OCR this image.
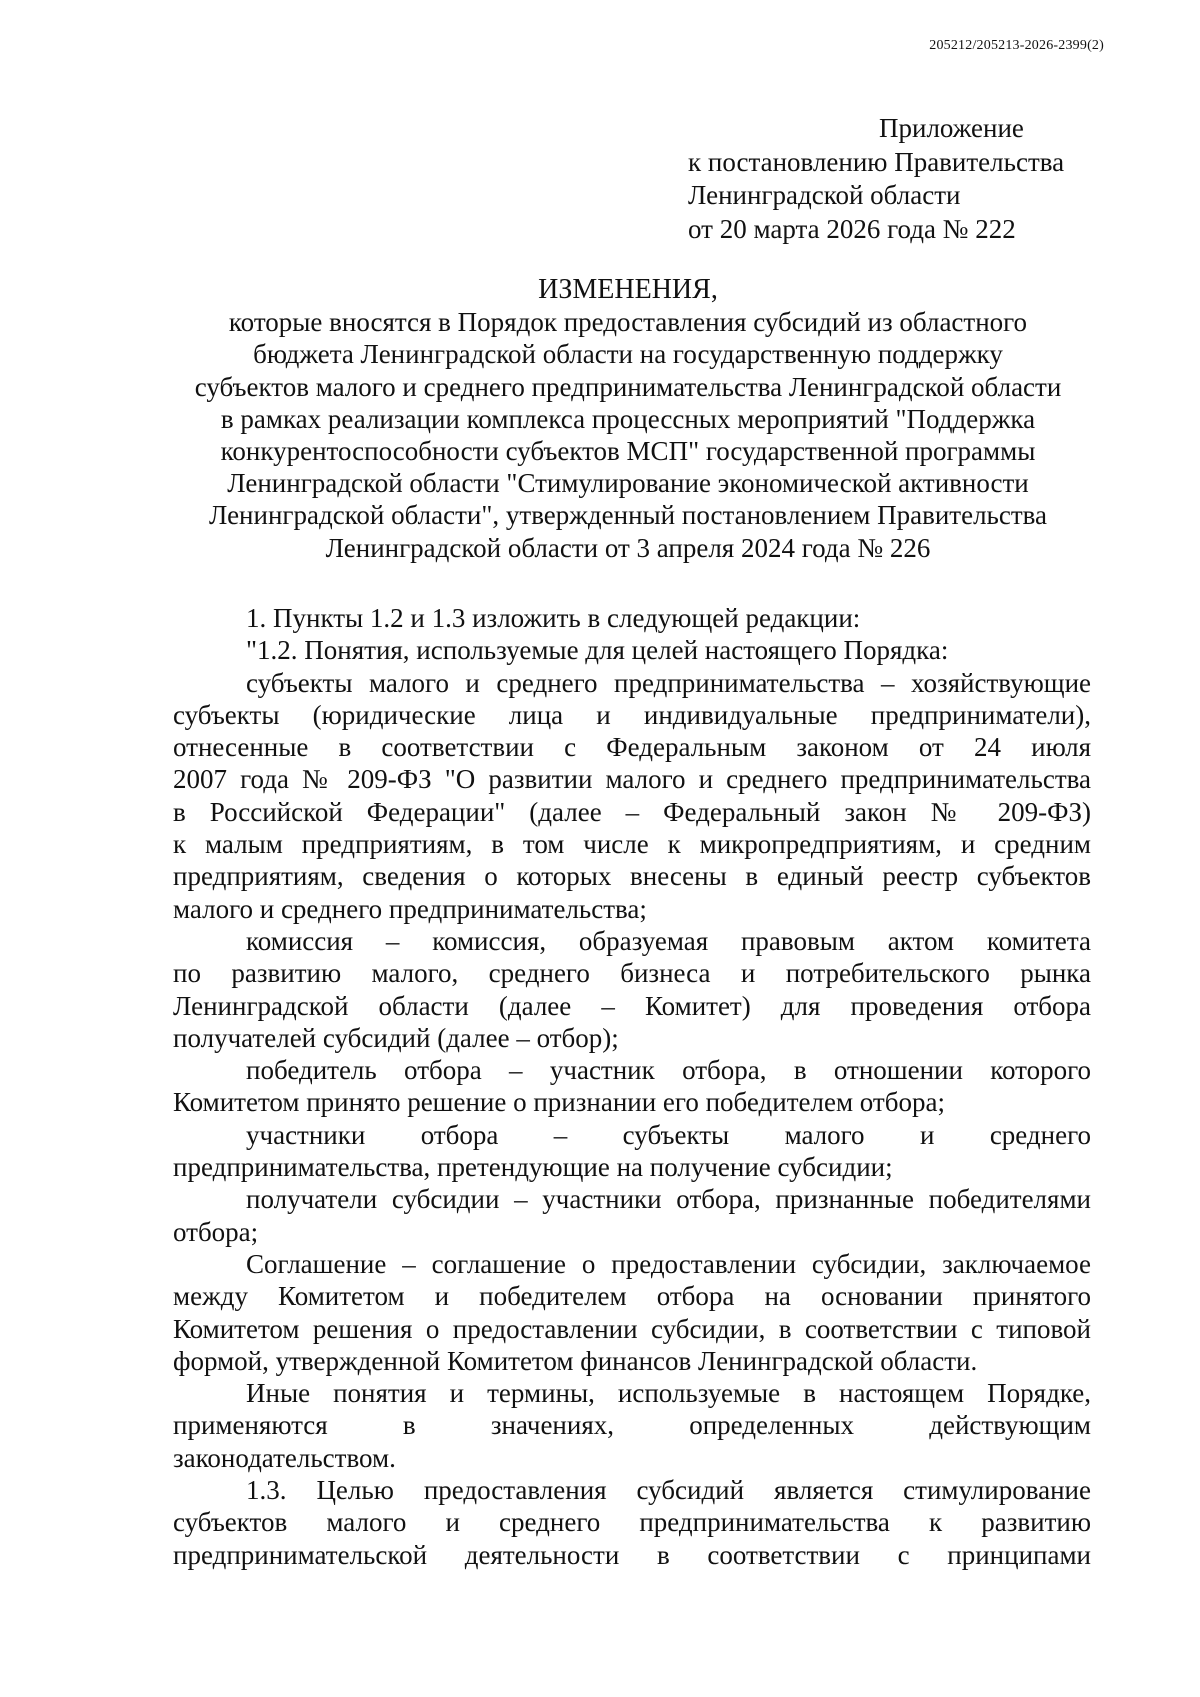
205212/205213-2026-2399(2)
Приложение
к постановлению Правительства
Ленинградской области
от 20 марта 2026 года № 222
ИЗМЕНЕНИЯ,
которые вносятся в Порядок предоставления субсидий из областного
бюджета Ленинградской области на государственную поддержку
субъектов малого и среднего предпринимательства Ленинградской области
в рамках реализации комплекса процессных мероприятий "Поддержка
конкурентоспособности субъектов МСП" государственной программы
Ленинградской области "Стимулирование экономической активности
Ленинградской области", утвержденный постановлением Правительства
Ленинградской области от 3 апреля 2024 года № 226
1. Пункты 1.2 и 1.3 изложить в следующей редакции:
"1.2. Понятия, используемые для целей настоящего Порядка:
субъекты малого и среднего предпринимательства – хозяйствующие
субъекты (юридические лица и индивидуальные предприниматели),
отнесенные в соответствии с Федеральным законом от 24 июля
2007 года № 209-ФЗ "О развитии малого и среднего предпринимательства
в Российской Федерации" (далее – Федеральный закон № 209-ФЗ)
к малым предприятиям, в том числе к микропредприятиям, и средним
предприятиям, сведения о которых внесены в единый реестр субъектов
малого и среднего предпринимательства;
комиссия – комиссия, образуемая правовым актом комитета
по развитию малого, среднего бизнеса и потребительского рынка
Ленинградской области (далее – Комитет) для проведения отбора
получателей субсидий (далее – отбор);
победитель отбора – участник отбора, в отношении которого
Комитетом принято решение о признании его победителем отбора;
участники отбора – субъекты малого и среднего
предпринимательства, претендующие на получение субсидии;
получатели субсидии – участники отбора, признанные победителями
отбора;
Соглашение – соглашение о предоставлении субсидии, заключаемое
между Комитетом и победителем отбора на основании принятого
Комитетом решения о предоставлении субсидии, в соответствии с типовой
формой, утвержденной Комитетом финансов Ленинградской области.
Иные понятия и термины, используемые в настоящем Порядке,
применяются в значениях, определенных действующим
законодательством.
1.3. Целью предоставления субсидий является стимулирование
субъектов малого и среднего предпринимательства к развитию
предпринимательской деятельности в соответствии с принципами
